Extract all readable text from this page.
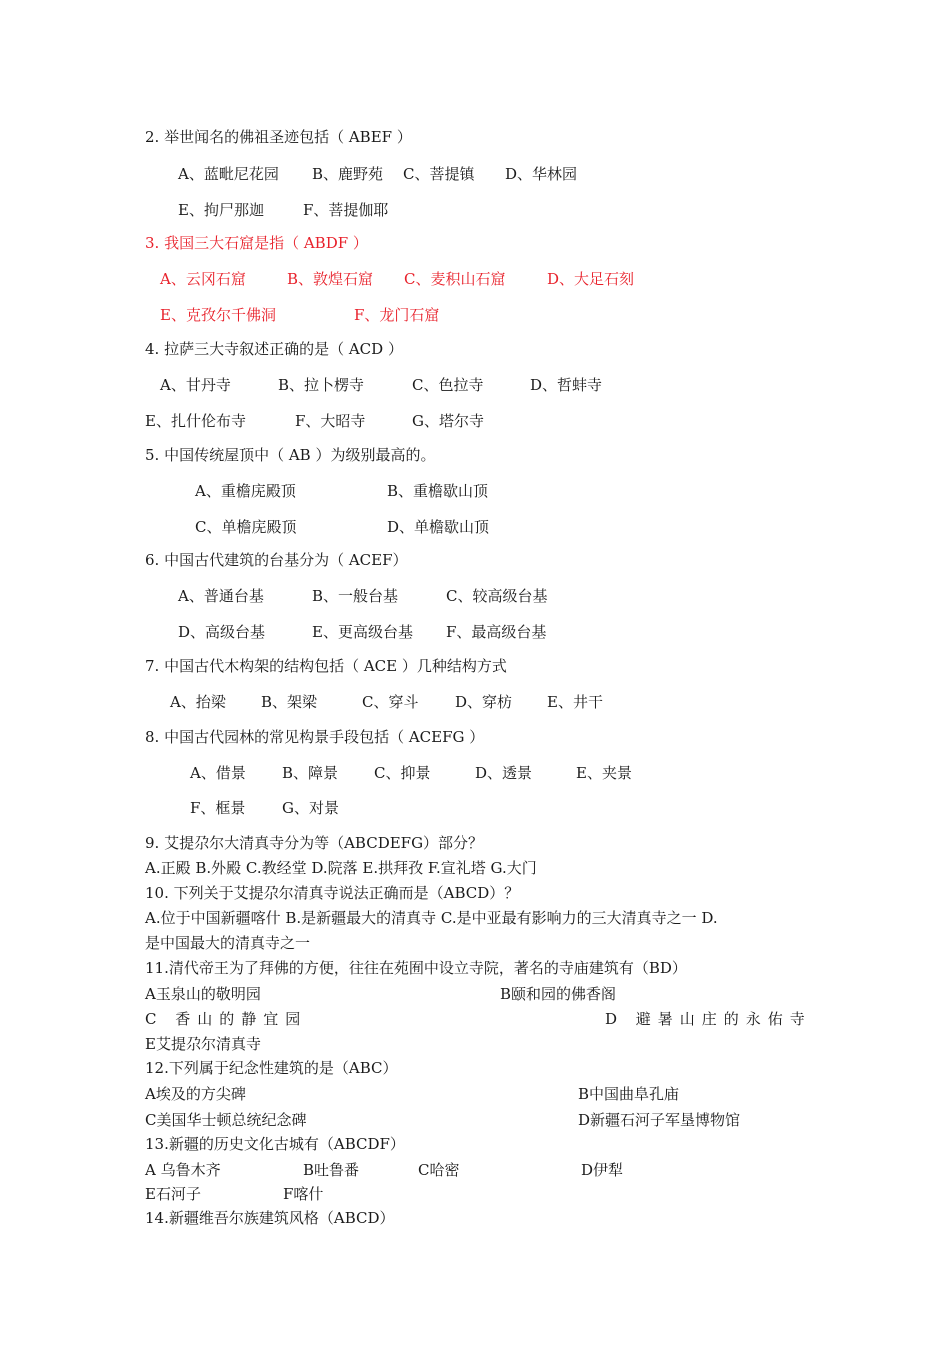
2. 举世闻名的佛祖圣迹包括（ ABEF ）
A、蓝毗尼花园 B、鹿野苑 C、菩提镇 D、华林园
E、拘尸那迦	F、菩提伽耶
3. 我国三大石窟是指（ ABDF ）
A、云冈石窟	B、敦煌石窟 C、麦积山石窟	D、大足石刻
E、克孜尔千佛洞	F、龙门石窟
4. 拉萨三大寺叙述正确的是（ ACD ）
A、甘丹寺	B、拉卜楞寺	C、色拉寺	D、哲蚌寺
E、扎什伦布寺	F、大昭寺	G、塔尔寺
5. 中国传统屋顶中（ AB ）为级别最高的。
A、重檐庑殿顶	B、重檐歇山顶
C、单檐庑殿顶	D、单檐歇山顶
6. 中国古代建筑的台基分为（ ACEF）
A、普通台基	B、一般台基	C、较高级台基
D、高级台基	E、更高级台基 F、最高级台基
7. 中国古代木构架的结构包括（ ACE ）几种结构方式
A、抬梁 B、架梁	C、穿斗 D、穿枋 E、井干
8. 中国古代园林的常见构景手段包括（ ACEFG ）
A、借景 B、障景 C、抑景	D、透景	E、夹景
F、框景 G、对景
9. 艾提尕尔大清真寺分为等（ABCDEFG）部分？
A.正殿 B.外殿 C.教经堂 D.院落 E.拱拜孜 F.宣礼塔 G.大门
10. 下列关于艾提尕尔清真寺说法正确而是（ABCD）？
A.位于中国新疆喀什 B.是新疆最大的清真寺 C.是中亚最有影响力的三大清真寺之一 D.
是中国最大的清真寺之一
11.清代帝王为了拜佛的方便，往往在苑囿中设立寺院，著名的寺庙建筑有（BD）
A玉泉山的敬明园	B颐和园的佛香阁
C 香山的静宜园	D 避暑山庄的永佑寺
E艾提尕尔清真寺
12.下列属于纪念性建筑的是（ABC）
A埃及的方尖碑	B中国曲阜孔庙
C美国华士顿总统纪念碑	D新疆石河子军垦博物馆
13.新疆的历史文化古城有（ABCDF）
A 乌鲁木齐	B吐鲁番	C哈密	D伊犁
E石河子	F喀什
14.新疆维吾尔族建筑风格（ABCD）
